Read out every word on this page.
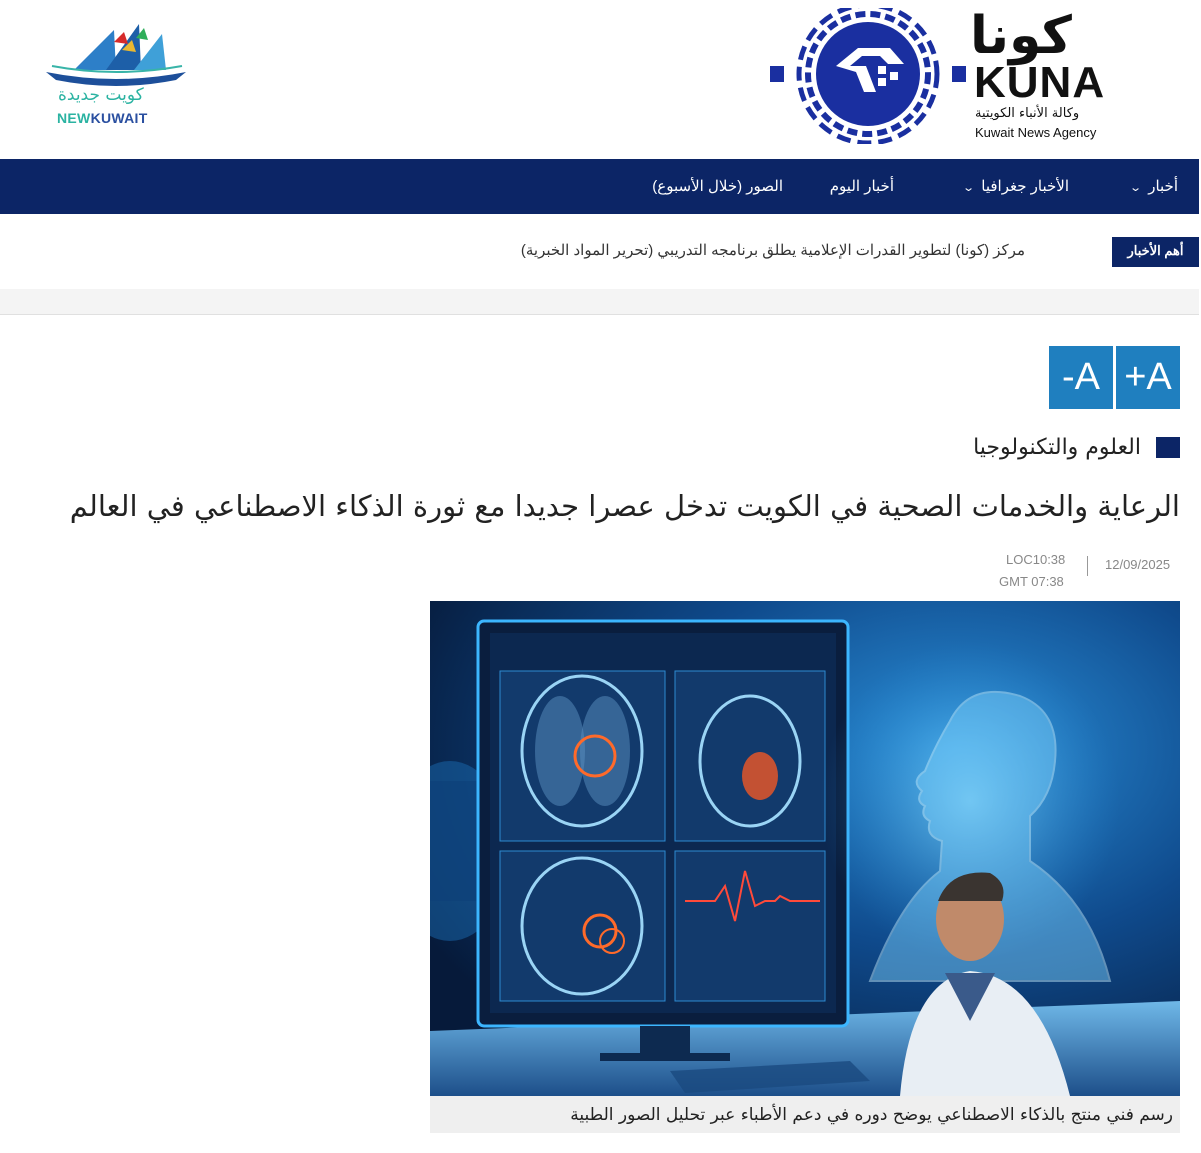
كونا
KUNA
وكالة الأنباء الكويتية
Kuwait News Agency
كويت جديدة
NEWKUWAIT
أخبار⌄
الأخبار جغرافيا⌄
أخبار اليوم
الصور (خلال الأسبوع)
أهم الأخبار
مركز (كونا) لتطوير القدرات الإعلامية يطلق برنامجه التدريبي (تحرير المواد الخبرية)
+A
-A
العلوم والتكنولوجيا
الرعاية والخدمات الصحية في الكويت تدخل عصرا جديدا مع ثورة الذكاء الاصطناعي في العالم
12/09/2025
LOC10:38
GMT 07:38
رسم فني منتج بالذكاء الاصطناعي يوضح دوره في دعم الأطباء عبر تحليل الصور الطبية
